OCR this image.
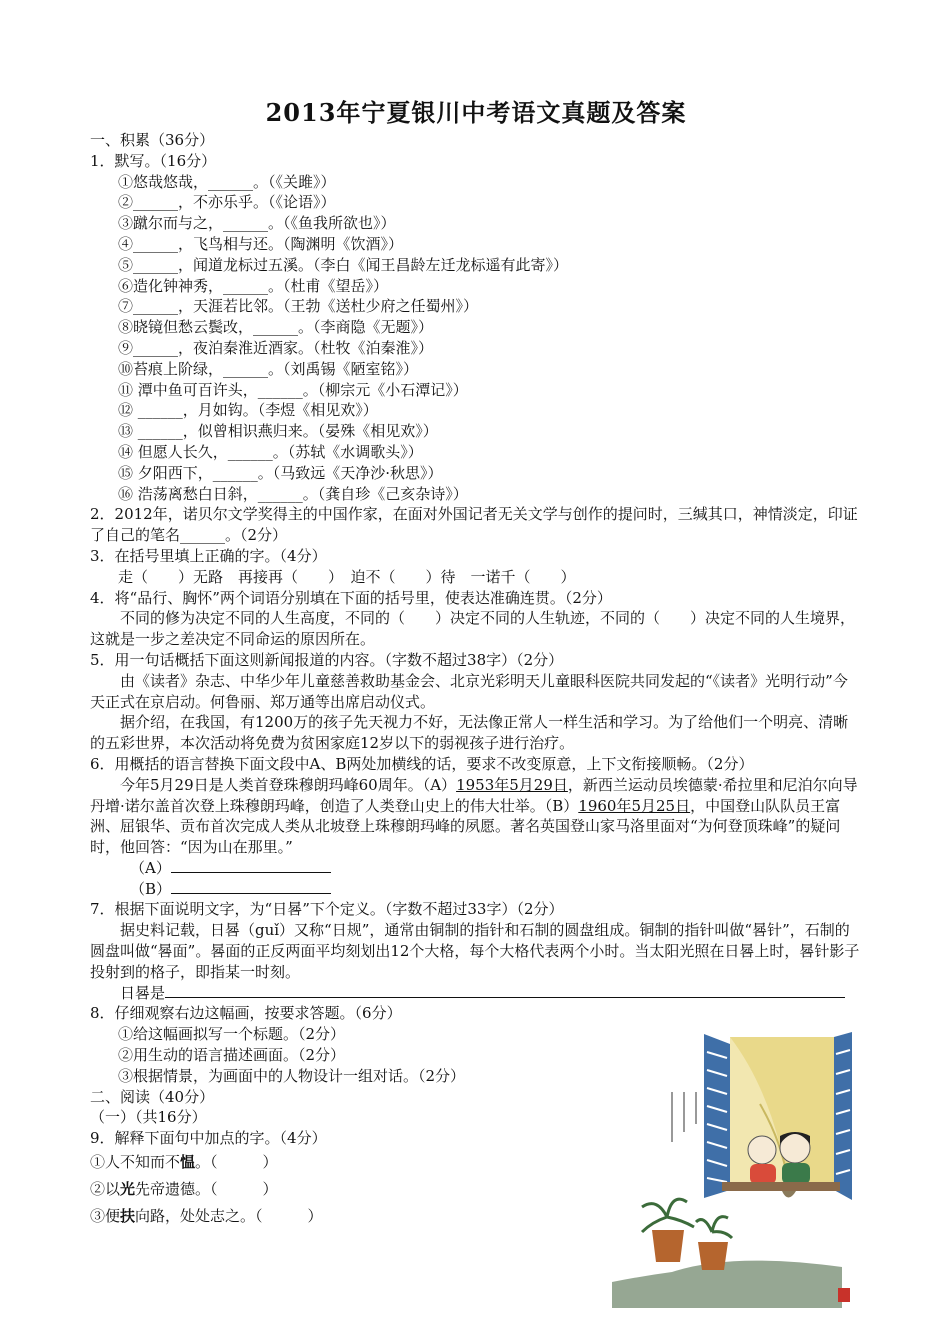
2013年宁夏银川中考语文真题及答案
一、积累（36分）
1．默写。（16分）
①悠哉悠哉，______。（《关雎》）
②______，不亦乐乎。（《论语》）
③蹴尔而与之，______。（《鱼我所欲也》）
④______，飞鸟相与还。（陶渊明《饮酒》）
⑤______，闻道龙标过五溪。（李白《闻王昌龄左迁龙标遥有此寄》）
⑥造化钟神秀，______。（杜甫《望岳》）
⑦______，天涯若比邻。（王勃《送杜少府之任蜀州》）
⑧晓镜但愁云鬓改，______。（李商隐《无题》）
⑨______，夜泊秦淮近酒家。（杜牧《泊秦淮》）
⑩苔痕上阶绿，______。（刘禹锡《陋室铭》）
⑪ 潭中鱼可百许头，______。（柳宗元《小石潭记》）
⑫ ______，月如钩。（李煜《相见欢》）
⑬ ______，似曾相识燕归来。（晏殊《相见欢》）
⑭ 但愿人长久，______。（苏轼《水调歌头》）
⑮ 夕阳西下，______。（马致远《天净沙·秋思》）
⑯ 浩荡离愁白日斜，______。（龚自珍《己亥杂诗》）
2．2012年，诺贝尔文学奖得主的中国作家，在面对外国记者无关文学与创作的提问时，三缄其口，神情淡定，印证了自己的笔名______。（2分）
3．在括号里填上正确的字。（4分）
走（　　）无路　再接再（　　）　迫不（　　）待　一诺千（　　）
4．将“品行、胸怀”两个词语分别填在下面的括号里，使表达准确连贯。（2分）
不同的修为决定不同的人生高度，不同的（　　）决定不同的人生轨迹，不同的（　　）决定不同的人生境界，这就是一步之差决定不同命运的原因所在。
5．用一句话概括下面这则新闻报道的内容。（字数不超过38字）（2分）
由《读者》杂志、中华少年儿童慈善救助基金会、北京光彩明天儿童眼科医院共同发起的“《读者》光明行动”今天正式在京启动。何鲁丽、郑万通等出席启动仪式。
据介绍，在我国，有1200万的孩子先天视力不好，无法像正常人一样生活和学习。为了给他们一个明亮、清晰的五彩世界，本次活动将免费为贫困家庭12岁以下的弱视孩子进行治疗。
6．用概括的语言替换下面文段中A、B两处加横线的话，要求不改变原意，上下文衔接顺畅。（2分）
今年5月29日是人类首登珠穆朗玛峰60周年。（A）1953年5月29日，新西兰运动员埃德蒙·希拉里和尼泊尔向导丹增·诺尔盖首次登上珠穆朗玛峰，创造了人类登山史上的伟大壮举。（B）1960年5月25日，中国登山队队员王富洲、屈银华、贡布首次完成人类从北坡登上珠穆朗玛峰的夙愿。著名英国登山家马洛里面对“为何登顶珠峰”的疑问时，他回答：“因为山在那里。”
（A）
（B）
7．根据下面说明文字，为“日晷”下个定义。（字数不超过33字）（2分）
据史料记载，日晷（guǐ）又称“日规”，通常由铜制的指针和石制的圆盘组成。铜制的指针叫做“晷针”，石制的圆盘叫做“晷面”。晷面的正反两面平均刻划出12个大格，每个大格代表两个小时。当太阳光照在日晷上时，晷针影子投射到的格子，即指某一时刻。
日晷是
8．仔细观察右边这幅画，按要求答题。（6分）
①给这幅画拟写一个标题。（2分）
②用生动的语言描述画面。（2分）
③根据情景，为画面中的人物设计一组对话。（2分）
二、阅读（40分）
（一）（共16分）
9．解释下面句中加点的字。（4分）
①人不知而不愠。（　　　）
②以光先帝遗德。（　　　）
③便扶向路，处处志之。（　　　）
